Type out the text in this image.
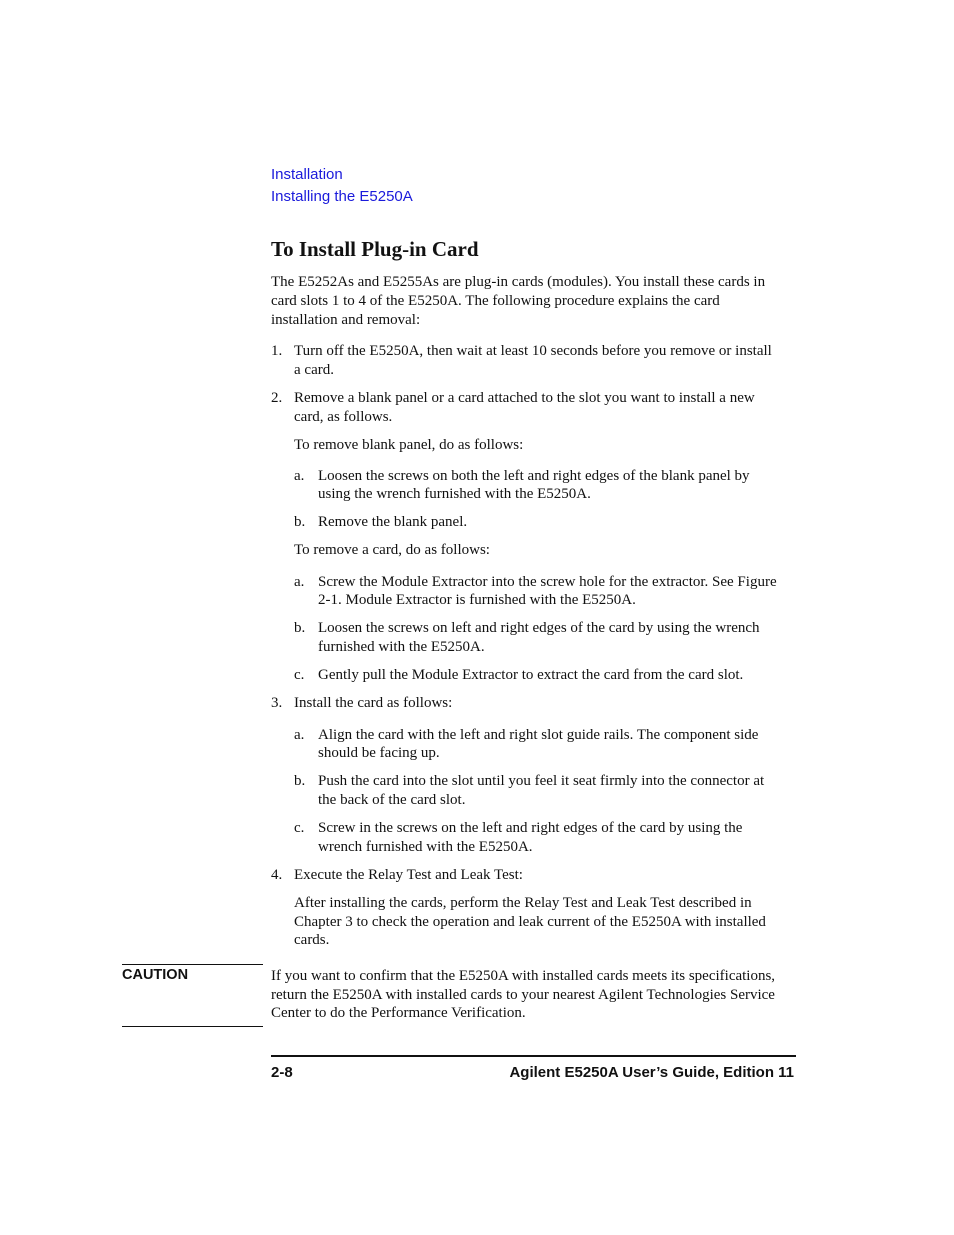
Installation
Installing the E5250A
To Install Plug-in Card
The E5252As and E5255As are plug-in cards (modules). You install these cards in
card slots 1 to 4 of the E5250A. The following procedure explains the card
installation and removal:
1. Turn off the E5250A, then wait at least 10 seconds before you remove or install
a card.
2. Remove a blank panel or a card attached to the slot you want to install a new
card, as follows.
To remove blank panel, do as follows:
a. Loosen the screws on both the left and right edges of the blank panel by
using the wrench furnished with the E5250A.
b. Remove the blank panel.
To remove a card, do as follows:
a. Screw the Module Extractor into the screw hole for the extractor. See Figure
2-1. Module Extractor is furnished with the E5250A.
b. Loosen the screws on left and right edges of the card by using the wrench
furnished with the E5250A.
c. Gently pull the Module Extractor to extract the card from the card slot.
3. Install the card as follows:
a. Align the card with the left and right slot guide rails. The component side
should be facing up.
b. Push the card into the slot until you feel it seat firmly into the connector at
the back of the card slot.
c. Screw in the screws on the left and right edges of the card by using the
wrench furnished with the E5250A.
4. Execute the Relay Test and Leak Test:
After installing the cards, perform the Relay Test and Leak Test described in
Chapter 3 to check the operation and leak current of the E5250A with installed
cards.
CAUTION	If you want to confirm that the E5250A with installed cards meets its specifications,
return the E5250A with installed cards to your nearest Agilent Technologies Service
Center to do the Performance Verification.
2-8	Agilent E5250A User’s Guide, Edition 11
